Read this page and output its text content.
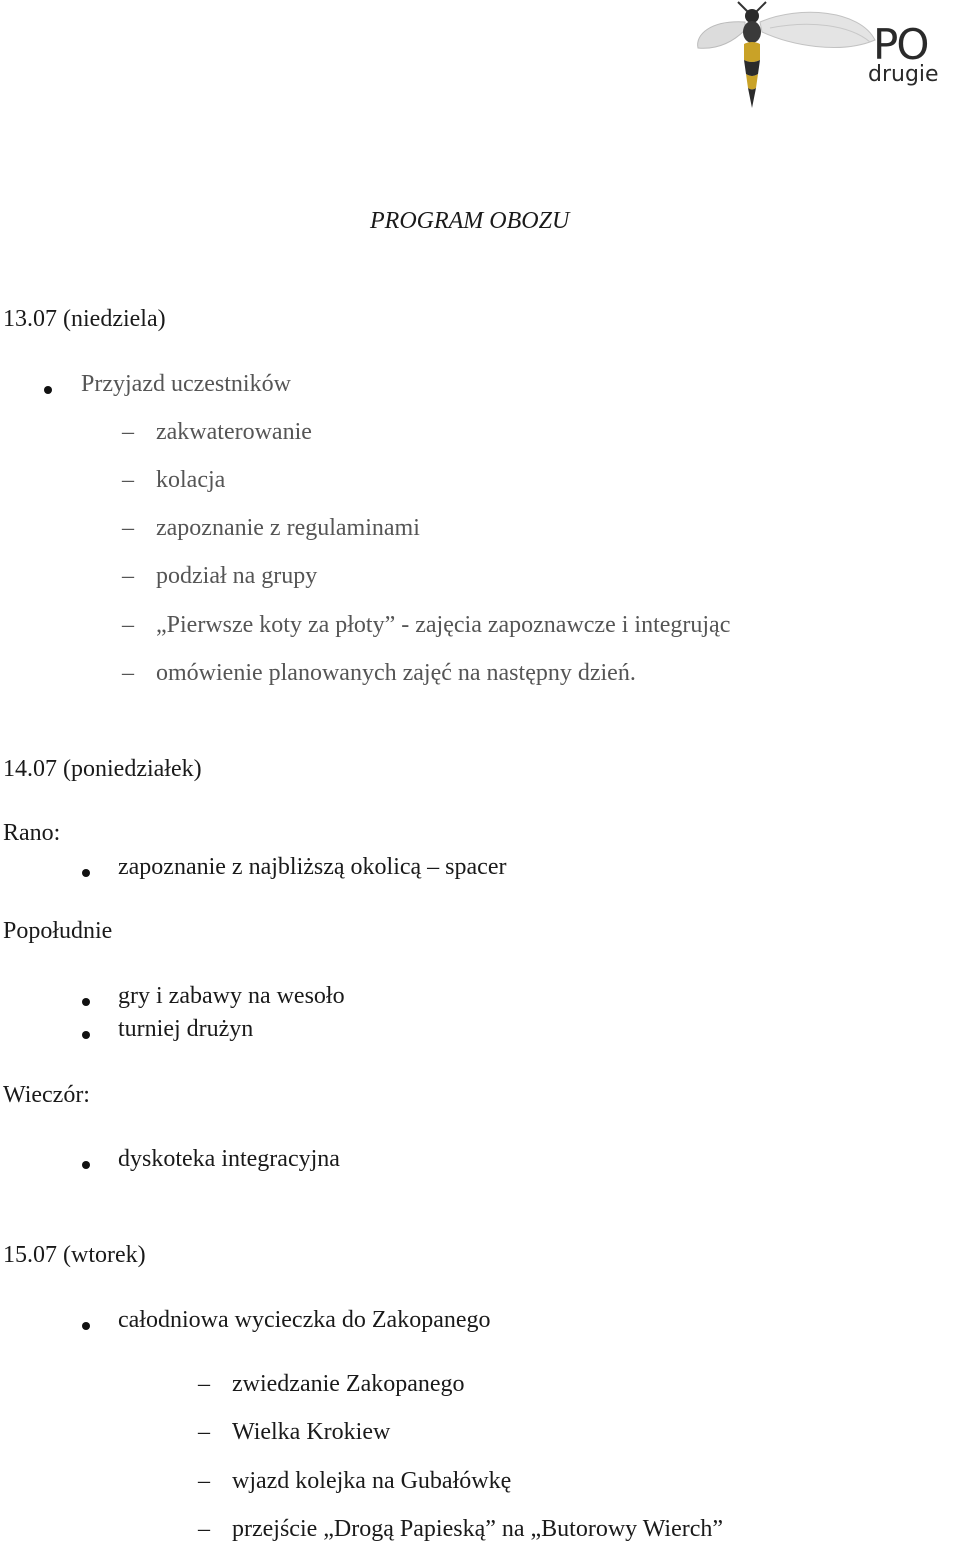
PO
drugie
PROGRAM OBOZU
13.07 (niedziela)
Przyjazd uczestników
– zakwaterowanie
– kolacja
– zapoznanie z regulaminami
– podział na grupy
– „Pierwsze koty za płoty” - zajęcia zapoznawcze i integrując
– omówienie planowanych zajęć na następny dzień.
14.07 (poniedziałek)
Rano:
zapoznanie z najbliższą okolicą – spacer
Popołudnie
gry i zabawy na wesoło
turniej drużyn
Wieczór:
dyskoteka integracyjna
15.07 (wtorek)
całodniowa wycieczka do Zakopanego
– zwiedzanie Zakopanego
– Wielka Krokiew
– wjazd kolejka na Gubałówkę
– przejście „Drogą Papieską” na „Butorowy Wierch”
